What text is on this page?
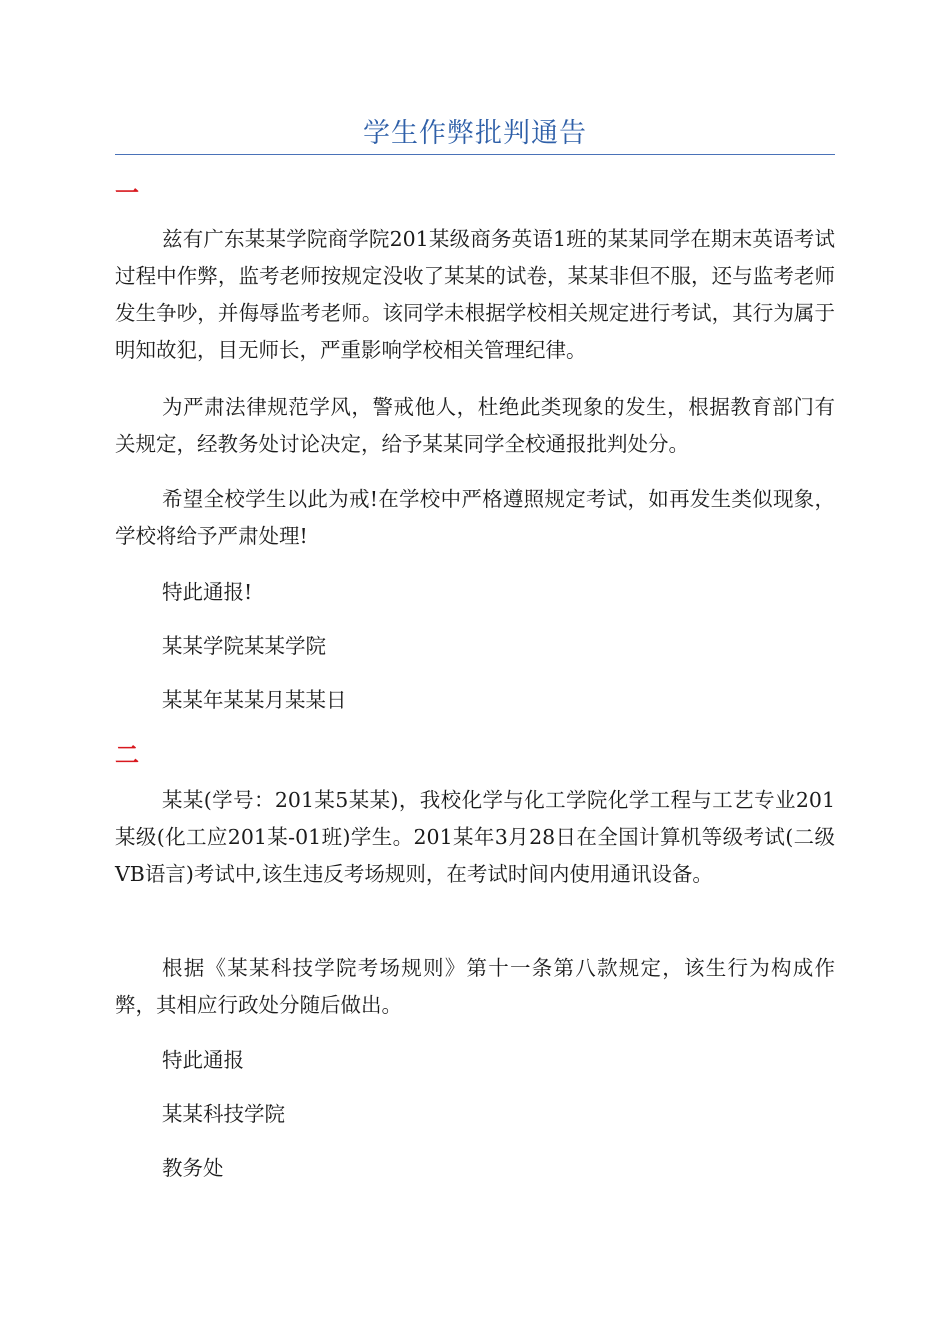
学生作弊批判通告
一

兹有广东某某学院商学院201某级商务英语1班的某某同学在期末英语考试过程中作弊，监考老师按规定没收了某某的试卷，某某非但不服，还与监考老师发生争吵，并侮辱监考老师。该同学未根据学校相关规定进行考试，其行为属于明知故犯，目无师长，严重影响学校相关管理纪律。

为严肃法律规范学风，警戒他人，杜绝此类现象的发生，根据教育部门有关规定，经教务处讨论决定，给予某某同学全校通报批判处分。

希望全校学生以此为戒!在学校中严格遵照规定考试，如再发生类似现象，学校将给予严肃处理!

特此通报!

某某学院某某学院

某某年某某月某某日

二

某某(学号：201某5某某)，我校化学与化工学院化学工程与工艺专业201某级(化工应201某-01班)学生。201某年3月28日在全国计算机等级考试(二级VB语言)考试中,该生违反考场规则，在考试时间内使用通讯设备。

根据《某某科技学院考场规则》第十一条第八款规定，该生行为构成作弊，其相应行政处分随后做出。

特此通报

某某科技学院

教务处
